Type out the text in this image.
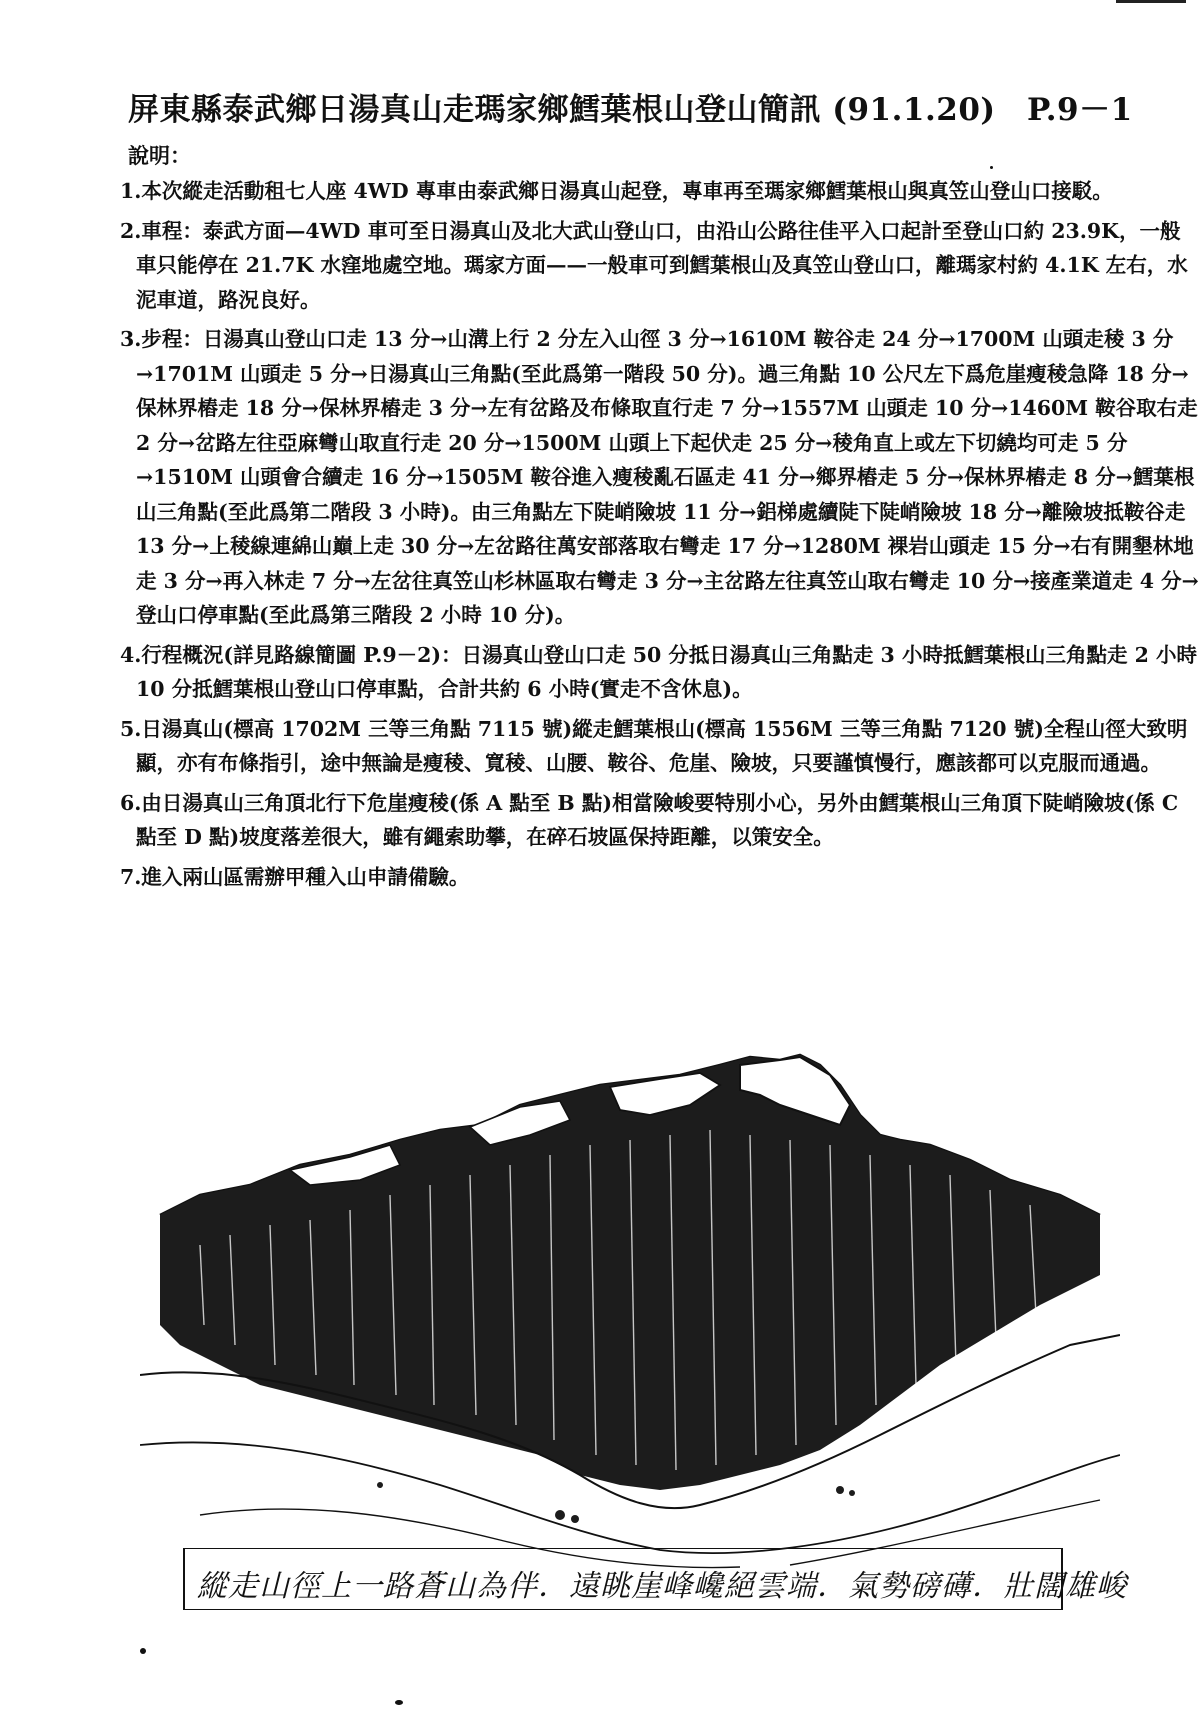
屏東縣泰武鄉日湯真山走瑪家鄉鱈葉根山登山簡訊 (91.1.20)　P.9－1
說明：
1.本次縱走活動租七人座 4WD 專車由泰武鄉日湯真山起登，專車再至瑪家鄉鱈葉根山與真笠山登山口接駁。
2.車程：泰武方面—4WD 車可至日湯真山及北大武山登山口，由沿山公路往佳平入口起計至登山口約 23.9K，一般車只能停在 21.7K 水窪地處空地。瑪家方面——一般車可到鱈葉根山及真笠山登山口，離瑪家村約 4.1K 左右，水泥車道，路況良好。
3.步程：日湯真山登山口走 13 分→山溝上行 2 分左入山徑 3 分→1610M 鞍谷走 24 分→1700M 山頭走稜 3 分→1701M 山頭走 5 分→日湯真山三角點(至此爲第一階段 50 分)。過三角點 10 公尺左下爲危崖瘦稜急降 18 分→保林界樁走 18 分→保林界樁走 3 分→左有岔路及布條取直行走 7 分→1557M 山頭走 10 分→1460M 鞍谷取右走 2 分→岔路左往亞麻彎山取直行走 20 分→1500M 山頭上下起伏走 25 分→稜角直上或左下切繞均可走 5 分→1510M 山頭會合續走 16 分→1505M 鞍谷進入瘦稜亂石區走 41 分→鄉界樁走 5 分→保林界樁走 8 分→鱈葉根山三角點(至此爲第二階段 3 小時)。由三角點左下陡峭險坡 11 分→鋁梯處續陡下陡峭險坡 18 分→離險坡抵鞍谷走 13 分→上稜線連綿山巔上走 30 分→左岔路往萬安部落取右彎走 17 分→1280M 裸岩山頭走 15 分→右有開墾林地走 3 分→再入林走 7 分→左岔往真笠山杉林區取右彎走 3 分→主岔路左往真笠山取右彎走 10 分→接產業道走 4 分→登山口停車點(至此爲第三階段 2 小時 10 分)。
4.行程概況(詳見路線簡圖 P.9－2)：日湯真山登山口走 50 分抵日湯真山三角點走 3 小時抵鱈葉根山三角點走 2 小時 10 分抵鱈葉根山登山口停車點，合計共約 6 小時(實走不含休息)。
5.日湯真山(標高 1702M 三等三角點 7115 號)縱走鱈葉根山(標高 1556M 三等三角點 7120 號)全程山徑大致明顯，亦有布條指引，途中無論是瘦稜、寬稜、山腰、鞍谷、危崖、險坡，只要謹慎慢行，應該都可以克服而通過。
6.由日湯真山三角頂北行下危崖瘦稜(係 A 點至 B 點)相當險峻要特別小心，另外由鱈葉根山三角頂下陡峭險坡(係 C 點至 D 點)坡度落差很大，雖有繩索助攀，在碎石坡區保持距離，以策安全。
7.進入兩山區需辦甲種入山申請備驗。
縱走山徑上一路蒼山為伴．遠眺崖峰巉絕雲端．氣勢磅礡．壯闊雄峻
